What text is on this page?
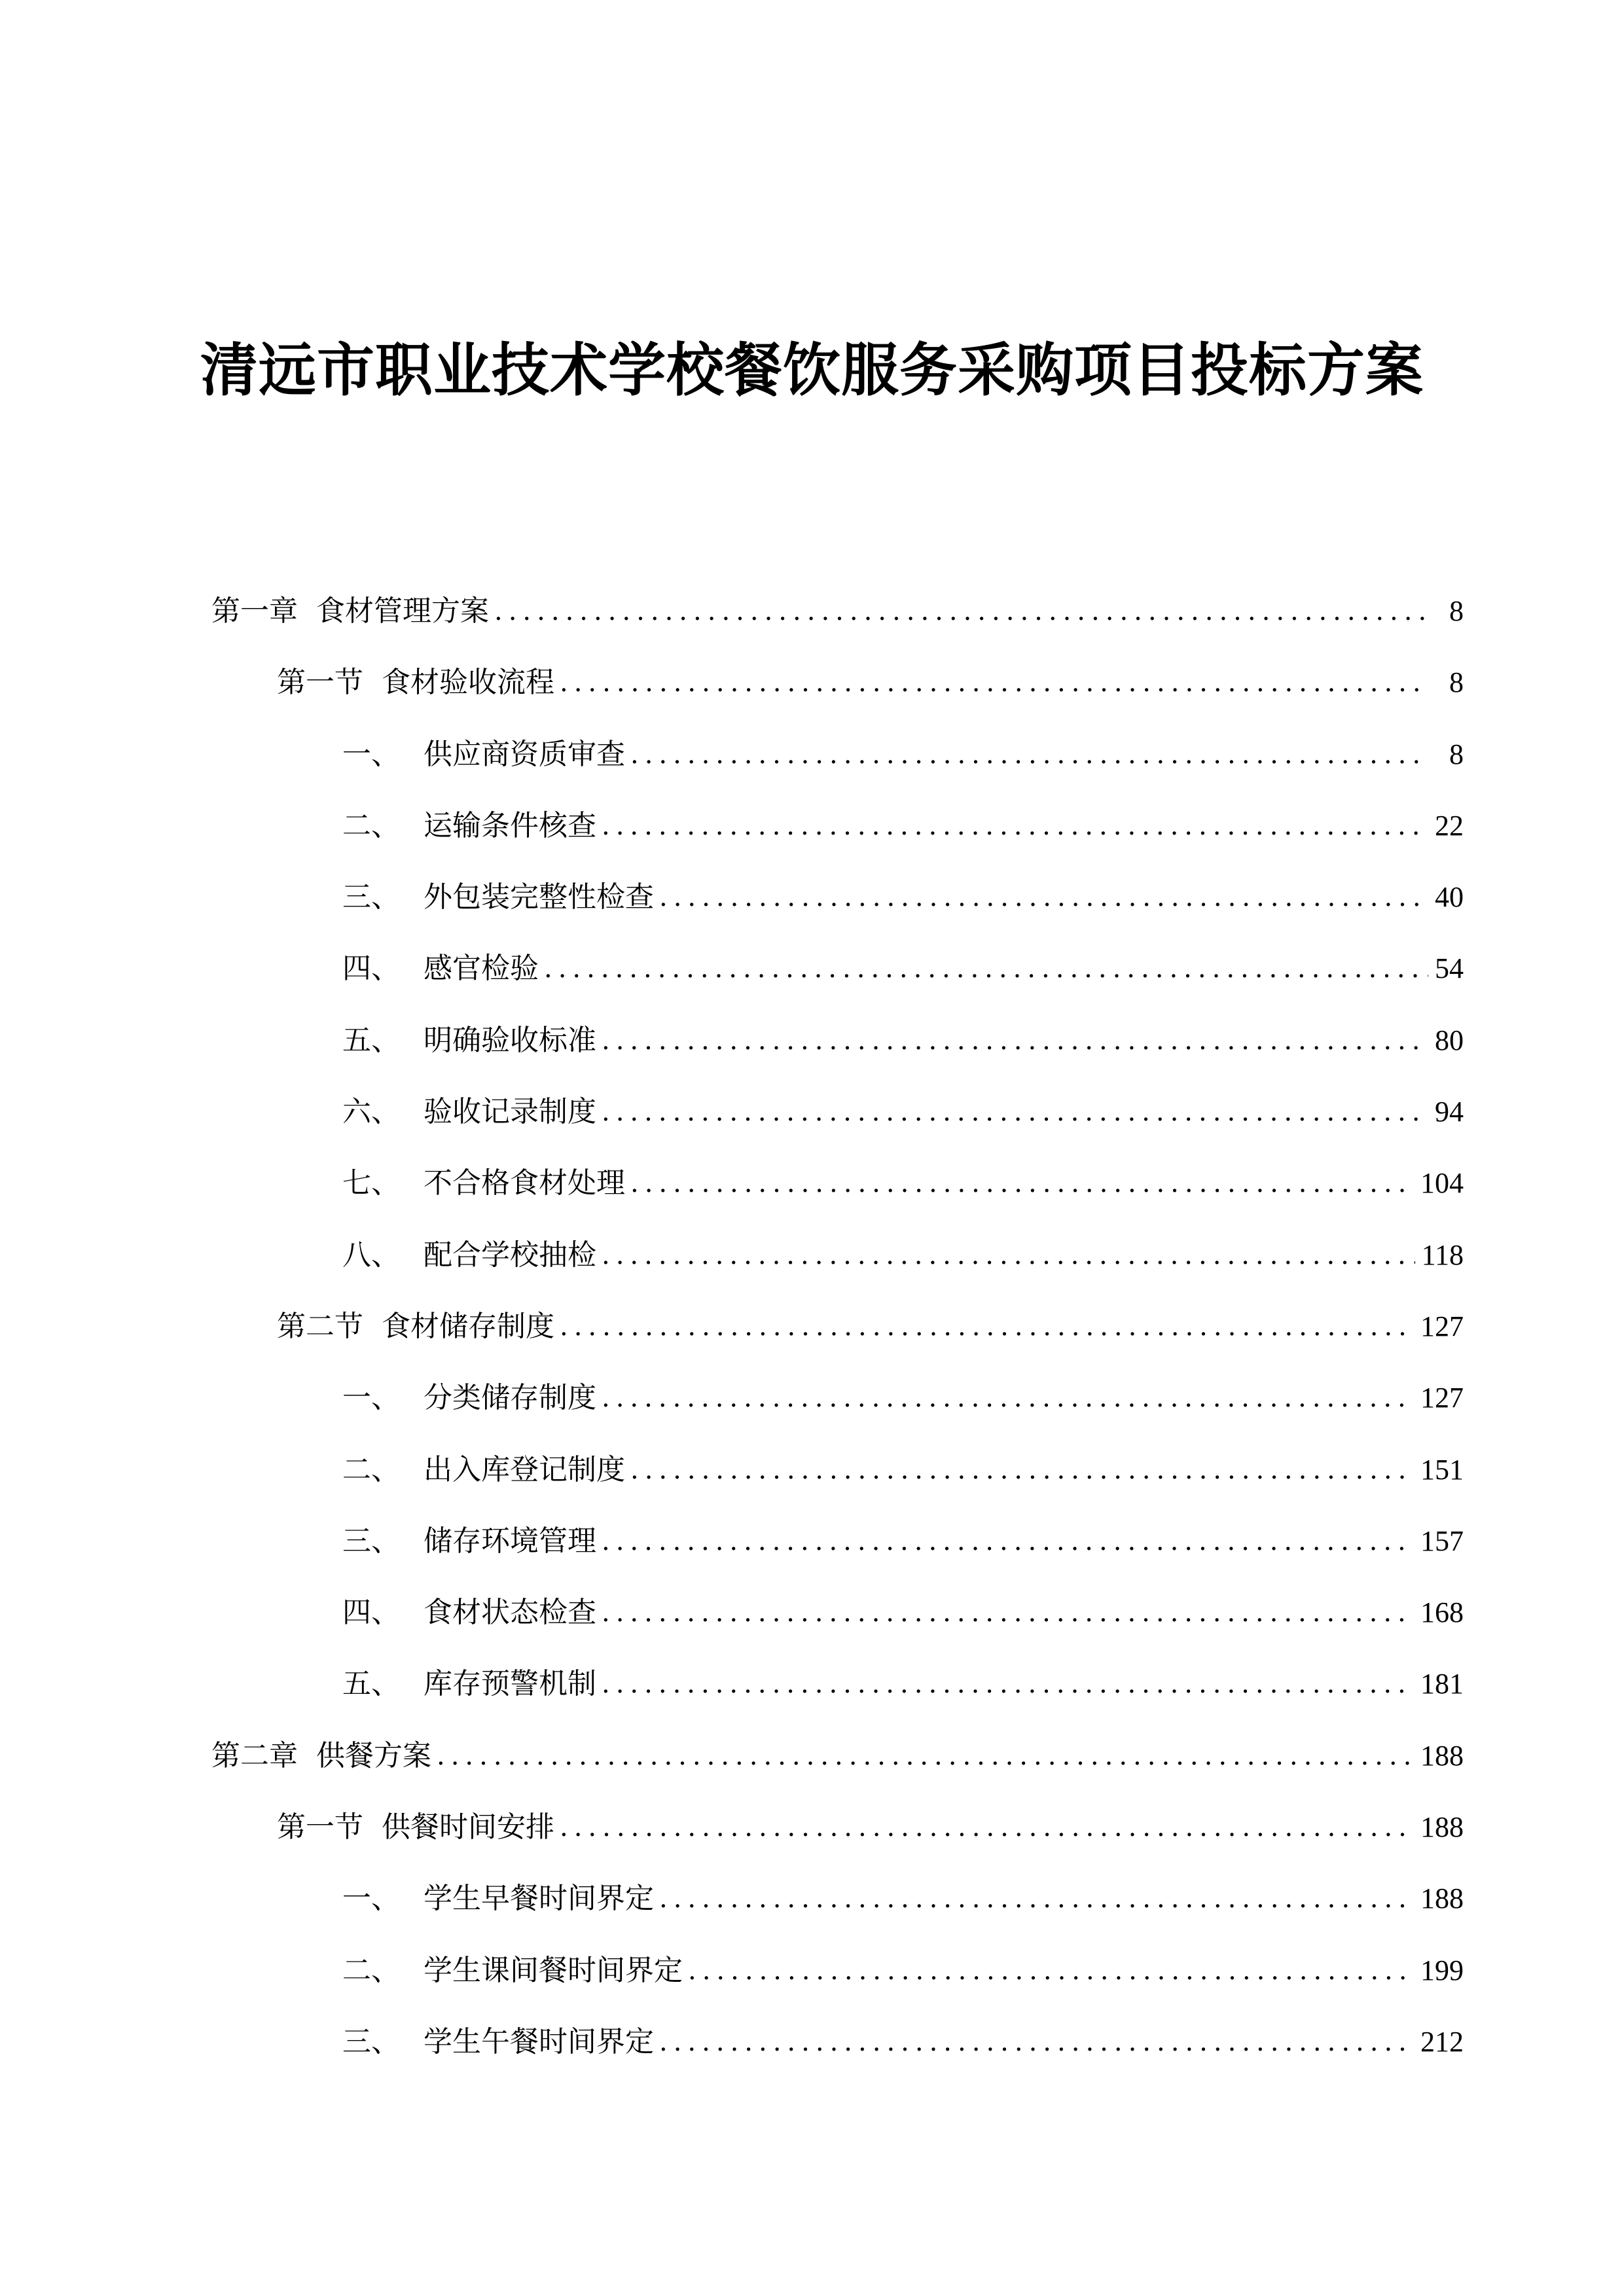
清远市职业技术学校餐饮服务采购项目投标方案
第一章 食材管理方案 .....	8
第一节 食材验收流程 .....	8
一、 供应商资质审查 .....	8
二、 运输条件核查 .....	22
三、 外包装完整性检查 .....	40
四、 感官检验 .....	54
五、 明确验收标准 .....	80
六、 验收记录制度 .....	94
七、 不合格食材处理 .....	104
八、 配合学校抽检 .....	118
第二节 食材储存制度 .....	127
一、 分类储存制度 .....	127
二、 出入库登记制度 .....	151
三、 储存环境管理 .....	157
四、 食材状态检查 .....	168
五、 库存预警机制 .....	181
第二章 供餐方案 .....	188
第一节 供餐时间安排 .....	188
一、 学生早餐时间界定 .....	188
二、 学生课间餐时间界定 .....	199
三、 学生午餐时间界定 .....	212
